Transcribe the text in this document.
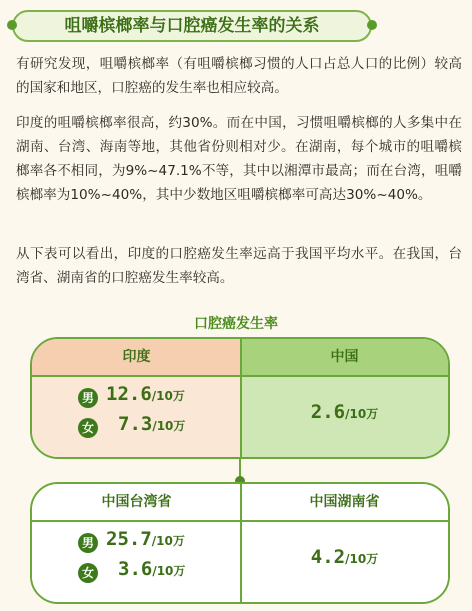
咀嚼槟榔率与口腔癌发生率的关系

有研究发现，咀嚼槟榔率（有咀嚼槟榔习惯的人口占总人口的比例）较高的国家和地区，口腔癌的发生率也相应较高。

印度的咀嚼槟榔率很高，约30%。而在中国，习惯咀嚼槟榔的人多集中在湖南、台湾、海南等地，其他省份则相对少。在湖南，每个城市的咀嚼槟榔率各不相同，为9%~47.1%不等，其中以湘潭市最高；而在台湾，咀嚼槟榔率为10%~40%，其中少数地区咀嚼槟榔率可高达30%~40%。

从下表可以看出，印度的口腔癌发生率远高于我国平均水平。在我国，台湾省、湖南省的口腔癌发生率较高。

口腔癌发生率
印度	中国
男 12.6/10万
女 7.3/10万
2.6/10万
中国台湾省	中国湖南省
男 25.7/10万
女 3.6/10万
4.2/10万
